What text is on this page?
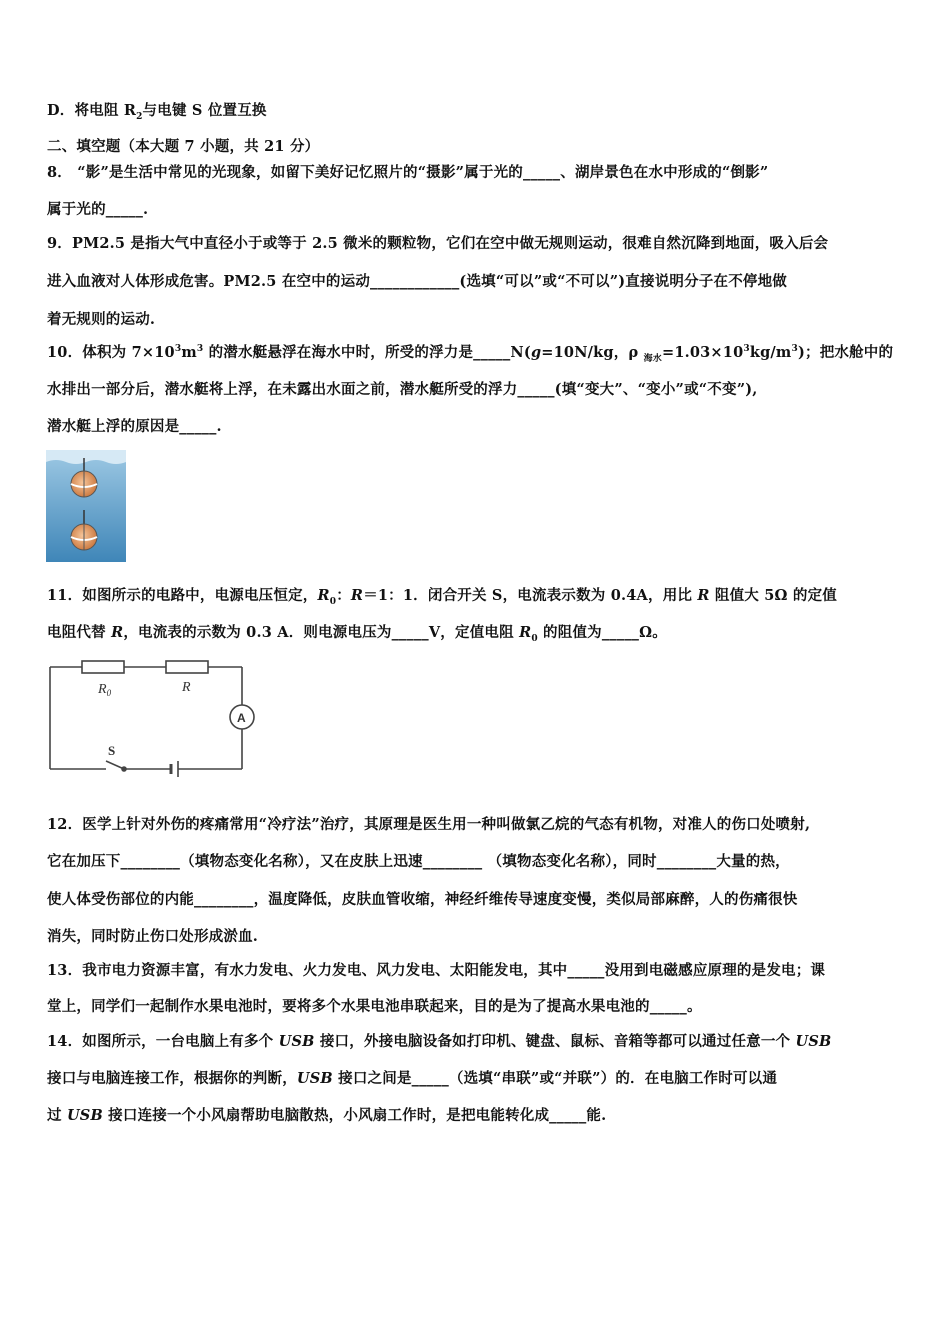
D．将电阻 $R_2$与电键 S 位置互换
二、填空题（本大题 7 小题，共 21 分）
8． “影”是生活中常见的光现象，如留下美好记忆照片的“摄影”属于光的_____、湖岸景色在水中形成的“倒影”
属于光的_____.
9．PM2.5 是指大气中直径小于或等于 2.5 微米的颗粒物，它们在空中做无规则运动，很难自然沉降到地面，吸入后会
进入血液对人体形成危害。PM2.5 在空中的运动____________(选填“可以”或“不可以”)直接说明分子在不停地做
着无规则的运动.
10．体积为 $7\times 10^3m^3$ 的潜水艇悬浮在海水中时，所受的浮力是_____N(g=10N/kg，ρ $_{海水}=1.03\times 10^3kg/m^3$)；把水舱中的
水排出一部分后，潜水艇将上浮，在未露出水面之前，潜水艇所受的浮力_____(填“变大”、“变小”或“不变”),
潜水艇上浮的原因是_____.
11．如图所示的电路中，电源电压恒定，$R_0$：R＝1：1．闭合开关 S，电流表示数为 0.4A，用比 R 阻值大 5Ω 的定值
电阻代替 R，电流表的示数为 0.3 A．则电源电压为_____V，定值电阻 $R_0$ 的阻值为_____Ω。
$R_0$	R
A
S
12．医学上针对外伤的疼痛常用“冷疗法”治疗，其原理是医生用一种叫做氯乙烷的气态有机物，对准人的伤口处喷射,
它在加压下________（填物态变化名称），又在皮肤上迅速________ （填物态变化名称），同时________大量的热，
使人体受伤部位的内能________，温度降低，皮肤血管收缩，神经纤维传导速度变慢，类似局部麻醉，人的伤痛很快
消失，同时防止伤口处形成淤血.
13．我市电力资源丰富，有水力发电、火力发电、风力发电、太阳能发电，其中_____没用到电磁感应原理的是发电；课
堂上，同学们一起制作水果电池时，要将多个水果电池串联起来，目的是为了提高水果电池的_____。
14．如图所示，一台电脑上有多个 USB 接口，外接电脑设备如打印机、键盘、鼠标、音箱等都可以通过任意一个 USB
接口与电脑连接工作，根据你的判断，USB 接口之间是_____（选填“串联”或“并联”）的．在电脑工作时可以通
过 USB 接口连接一个小风扇帮助电脑散热，小风扇工作时，是把电能转化成_____能.
